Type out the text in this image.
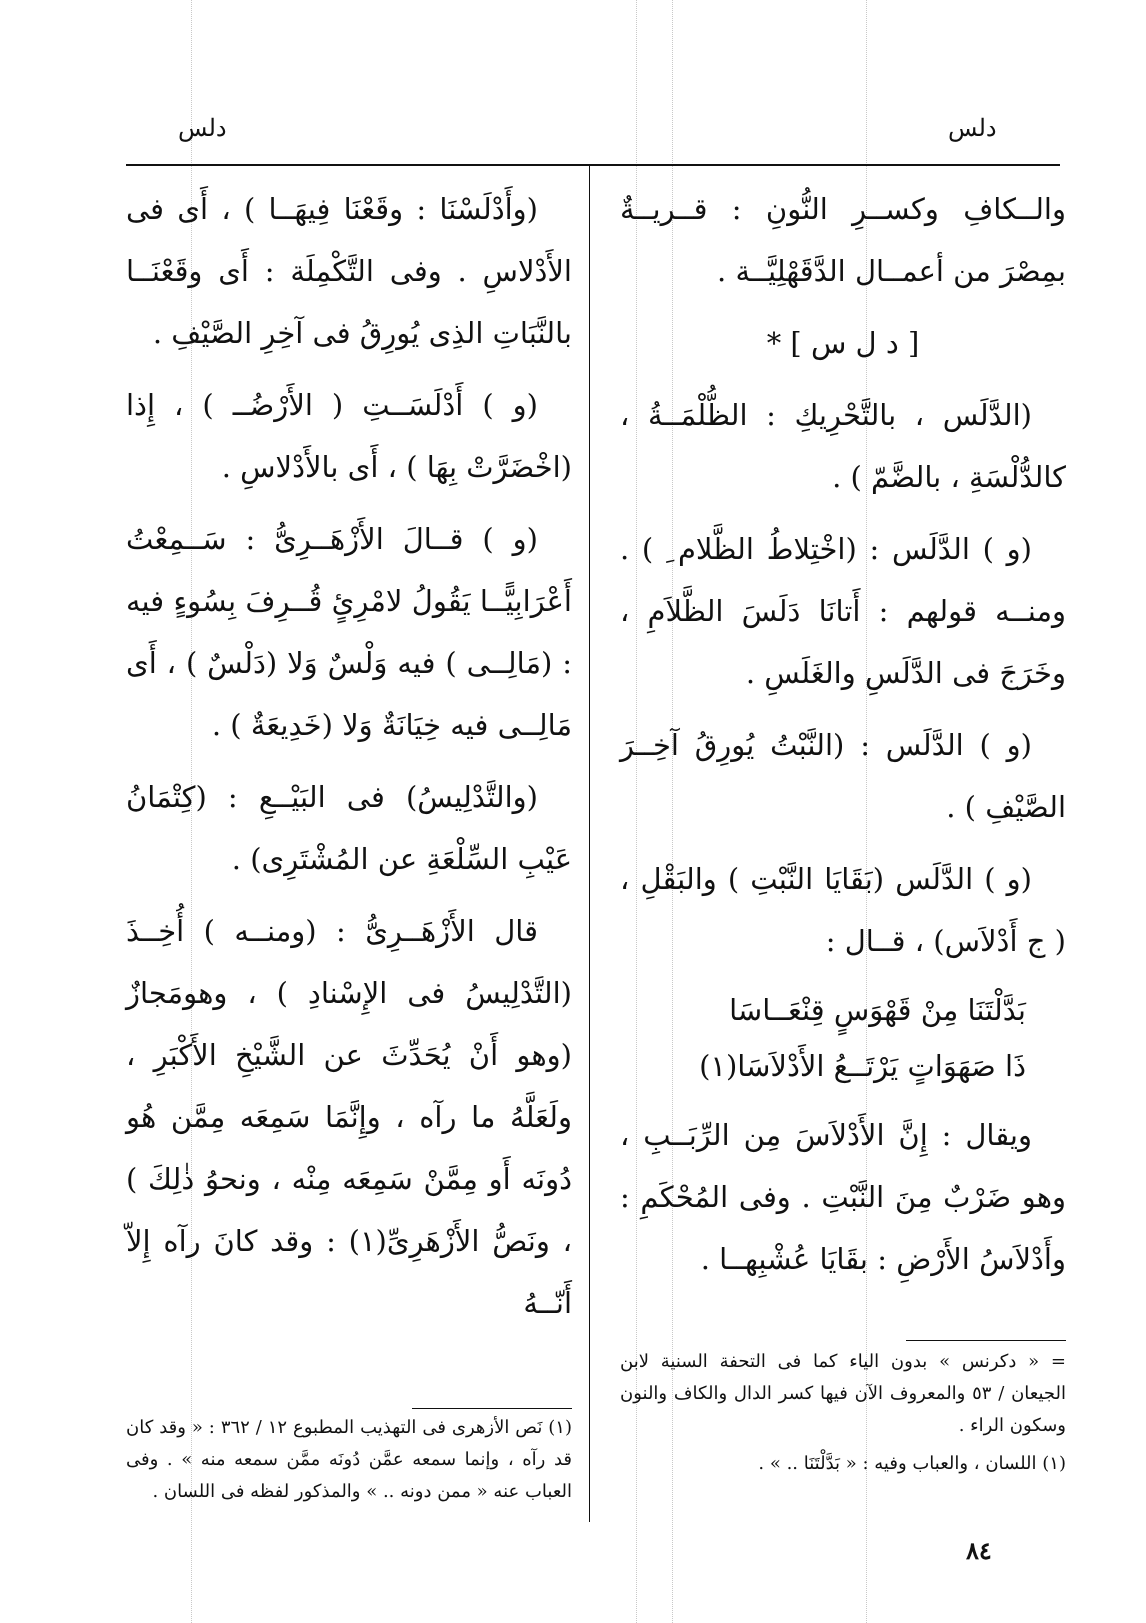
دلس
دلس

والــكافِ وكســرِ النُّونِ : قــريــةٌ بمِصْرَ من أعمــال الدَّقَهْلِيَّــة .

[ د ل س ] *

(الدَّلَس ، بالتَّحْرِيكِ : الظُّلْمَــةُ ، كالدُّلْسَةِ ، بالضَّمّ ) .

(و ) الدَّلَس : (اخْتِلاطُ الظَّلام ِ ) . ومنــه قولهم : أَتانَا دَلَسَ الظَّلاَمِ ، وخَرَجَ فى الدَّلَسِ والغَلَسِ .

(و ) الدَّلَس : (النَّبْتُ يُورِقُ آخِــرَ الصَّيْفِ ) .

(و ) الدَّلَس (بَقَايَا النَّبْتِ ) والبَقْلِ ، ( ج أَدْلاَس) ، قــال :

بَدَّلْتَنَا مِنْ قَهْوَسٍ قِنْعَــاسَا
ذَا صَهَوَاتٍ يَرْتَــعُ الأَدْلاَسَا(١)

ويقال : إِنَّ الأَدْلاَسَ مِن الرِّبَــبِ ، وهو ضَرْبٌ مِنَ النَّبْتِ . وفى المُحْكَمِ : وأَدْلاَسُ الأَرْضِ : بقَايَا عُشْبِهــا .

(وأَدْلَسْنَا : وقَعْنَا فِيهَــا ) ، أَى فى الأَدْلاسِ . وفى التَّكْمِلَة : أَى وقَعْنَــا بالنَّبَاتِ الذِى يُورِقُ فى آخِرِ الصَّيْفِ .

(و ) أَدْلَسَــتِ ( الأَرْضُــ ) ، إِذا (اخْضَرَّتْ بِهَا ) ، أَى بالأَدْلاسِ .

(و ) قــالَ الأَزْهَــرِىُّ : سَــمِعْتُ أَعْرَابِيًّــا يَقُولُ لامْرِئٍ قُــرِفَ بِسُوءٍ فيه : (مَالِــى ) فيه وَلْسٌ وَلا (دَلْسٌ ) ، أَى مَالِــى فيه خِيَانَةٌ وَلا (خَدِيعَةٌ ) .

(والتَّدْلِيسُ) فى البَيْــعِ : (كِتْمَانُ عَيْبِ السِّلْعَةِ عن المُشْتَرِى) .

قال الأَزْهَــرِىُّ : (ومنــه ) أُخِــذَ (التَّدْلِيسُ فى الإِسْنادِ ) ، وهومَجازٌ (وهو أَنْ يُحَدِّثَ عن الشَّيْخِ الأَكْبَرِ ، ولَعَلَّهُ ما رآه ، وإِنَّمَا سَمِعَه مِمَّن هُو دُونَه أَو مِمَّنْ سَمِعَه مِنْه ، ونحوُ ذٰلِكَ ) ، ونَصُّ الأَزْهَرِىِّ(١) : وقد كانَ رآه إِلاّ أَنّــهُ

= « دكرنس » بدون الياء كما فى التحفة السنية لابن الجيعان / ٥٣ والمعروف الآن فيها كسر الدال والكاف والنون وسكون الراء .

(١) اللسان ، والعباب وفيه : « بَدَّلْتَنَا .. » .

(١) نَص الأزهرى فى التهذيب المطبوع ١٢ / ٣٦٢ : « وقد كان قد رآه ، وإنما سمعه عمَّن دُونَه ممَّن سمعه منه » . وفى العباب عنه « ممن دونه .. » والمذكور لفظه فى اللسان .

٨٤
